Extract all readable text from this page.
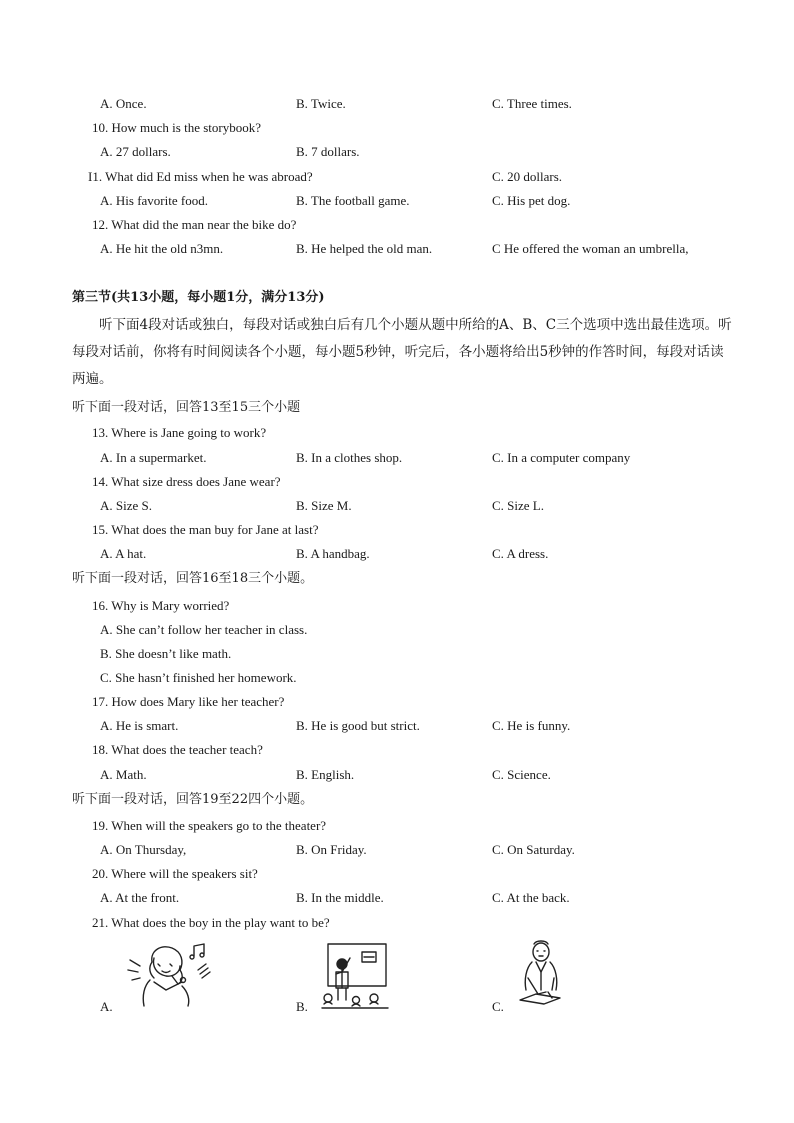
A. Once.	B. Twice.	C. Three times.
10. How much is the storybook?
A. 27 dollars.	B. 7 dollars.
I1. What did Ed miss when he was abroad?	C. 20 dollars.
A. His favorite food.	B. The football game.	C. His pet dog.
12. What did the man near the bike do?
A. He hit the old n3mn.	B. He helped the old man.	C He offered the woman an umbrella,
第三节(共13小题，每小题1分，满分13分)
听下面4段对话或独白，每段对话或独白后有几个小题从题中所给的A、B、C三个选项中选出最佳选项。听每段对话前，你将有时间阅读各个小题，每小题5秒钟，听完后，各小题将给出5秒钟的作答时间，每段对话读两遍。
听下面一段对话，回答13至15三个小题
13. Where is Jane going to work?
A. In a supermarket.	B. In a clothes shop.	C. In a computer company
14. What size dress does Jane wear?
A. Size S.	B. Size M.	C. Size L.
15. What does the man buy for Jane at last?
A. A hat.	B. A handbag.	C. A dress.
听下面一段对话，回答16至18三个小题。
16. Why is Mary worried?
A. She can’t follow her teacher in class.
B. She doesn’t like math.
C. She hasn’t finished her homework.
17. How does Mary like her teacher?
A. He is smart.	B. He is good but strict.	C. He is funny.
18. What does the teacher teach?
A. Math.	B. English.	C. Science.
听下面一段对话，回答19至22四个小题。
19. When will the speakers go to the theater?
A. On Thursday,	B. On Friday.	C. On Saturday.
20. Where will the speakers sit?
A. At the front.	B. In the middle.	C. At the back.
21. What does the boy in the play want to be?
A.	B.	C.
